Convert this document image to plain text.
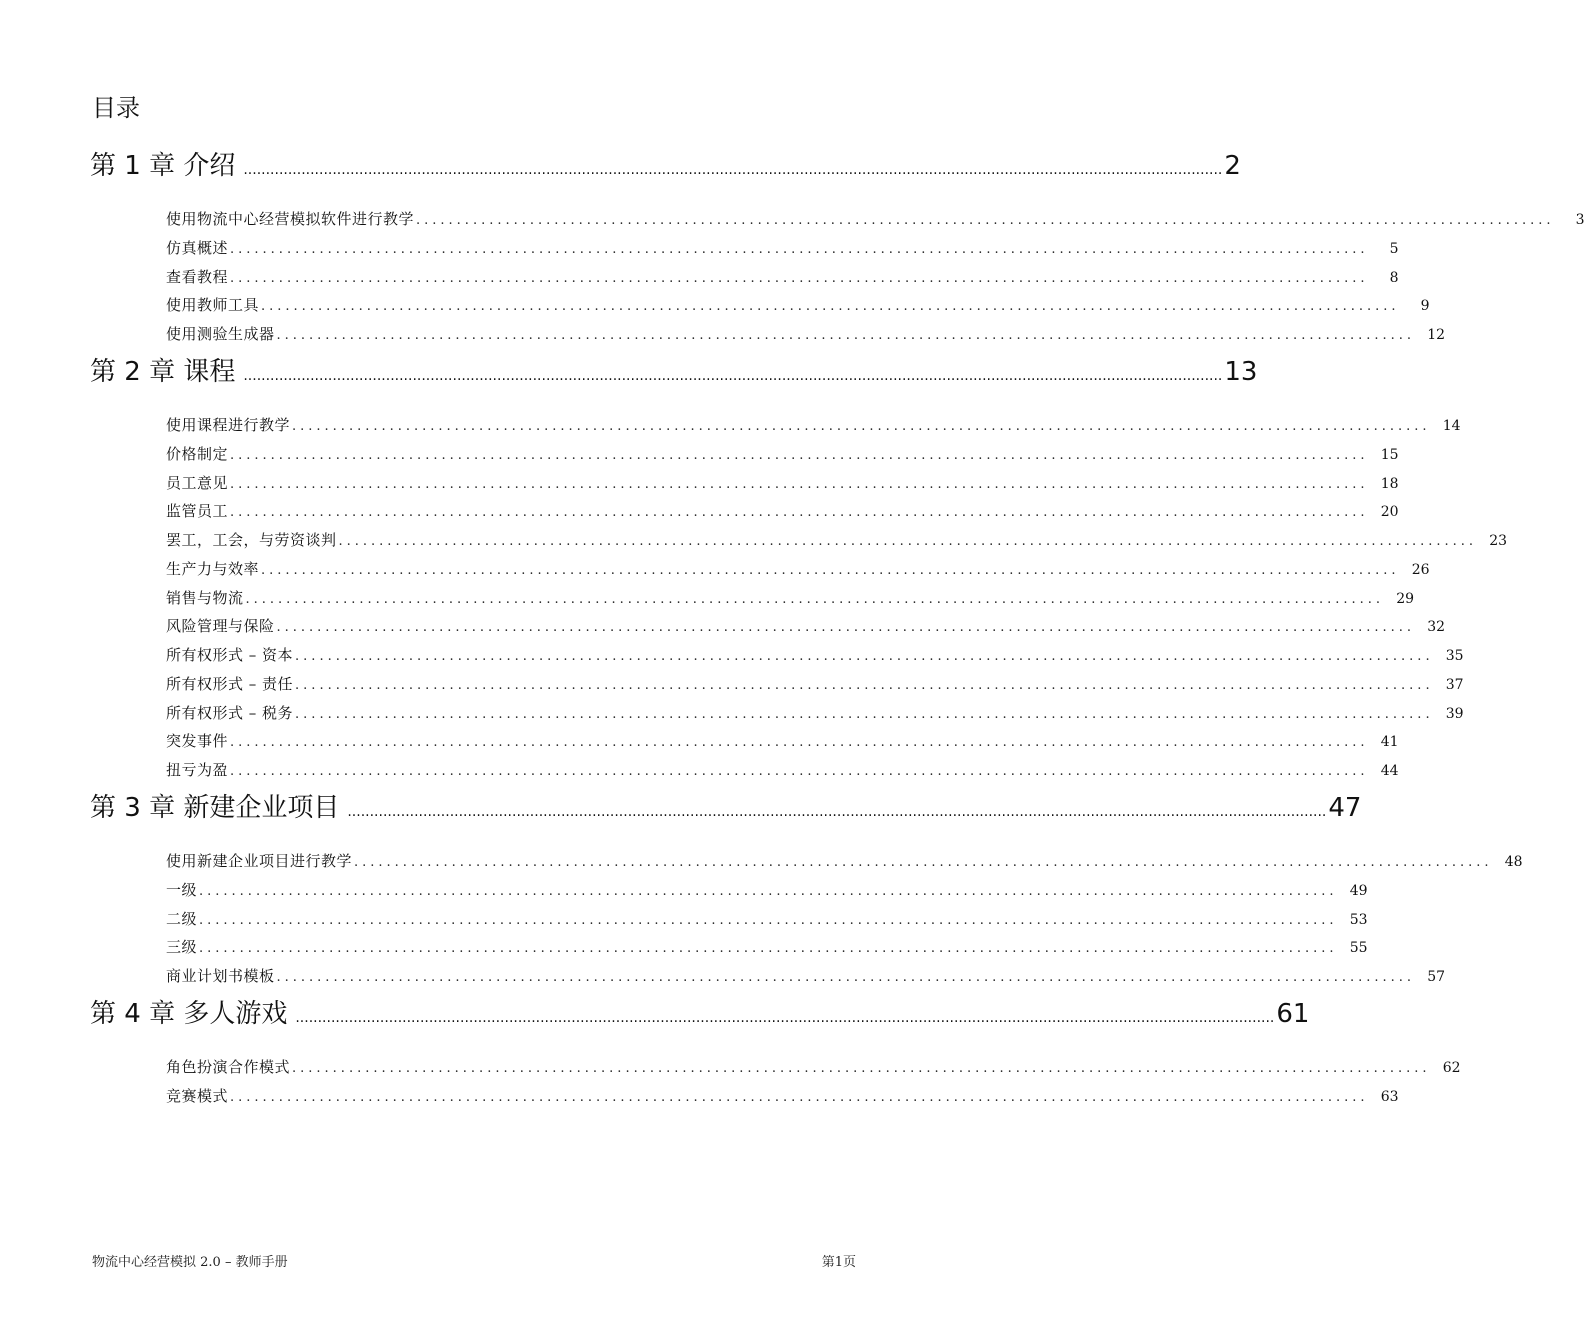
目录
第 1 章 介绍 ............................................................................................................................................................................................................................ 2
使用物流中心经营模拟软件进行教学 ............................................................................................................................................	3
仿真概述 ............................................................................................................................................	5
查看教程 ............................................................................................................................................	8
使用教师工具 ............................................................................................................................................	9
使用测验生成器 ............................................................................................................................................ 12
第 2 章 课程 ............................................................................................................................................................................................................................ 13
使用课程进行教学 ............................................................................................................................................ 14
价格制定 ............................................................................................................................................ 15
员工意见 ............................................................................................................................................ 18
监管员工 ............................................................................................................................................ 20
罢工，工会，与劳资谈判 ............................................................................................................................................ 23
生产力与效率 ............................................................................................................................................ 26
销售与物流 ............................................................................................................................................ 29
风险管理与保险 ............................................................................................................................................ 32
所有权形式 – 资本 ............................................................................................................................................ 35
所有权形式 – 责任 ............................................................................................................................................ 37
所有权形式 – 税务 ............................................................................................................................................ 39
突发事件 ............................................................................................................................................ 41
扭亏为盈 ............................................................................................................................................ 44
第 3 章 新建企业项目 ............................................................................................................................................................................................................................ 47
使用新建企业项目进行教学 ............................................................................................................................................ 48
一级 ............................................................................................................................................ 49
二级 ............................................................................................................................................ 53
三级 ............................................................................................................................................ 55
商业计划书模板 ............................................................................................................................................ 57
第 4 章 多人游戏 ............................................................................................................................................................................................................................ 61
角色扮演合作模式 ............................................................................................................................................ 62
竞赛模式 ............................................................................................................................................ 63
物流中心经营模拟 2.0 – 教师手册	第1页
